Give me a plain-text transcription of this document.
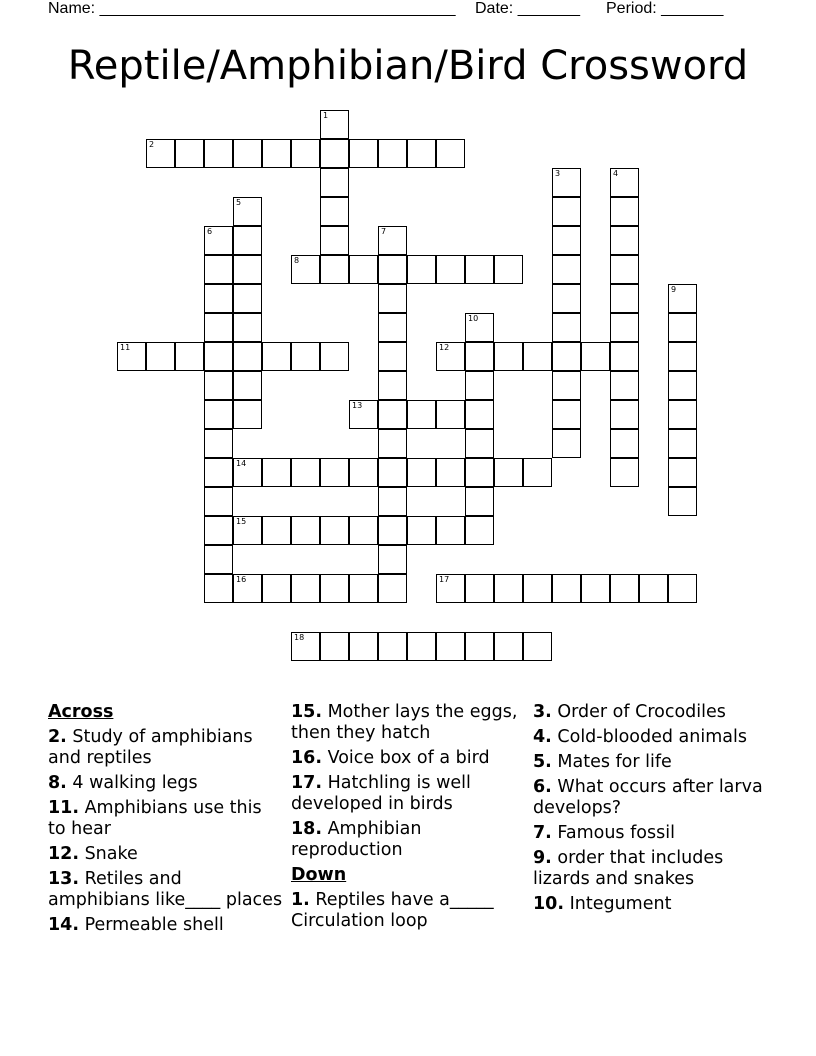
Name: ________________________________________ Date: _______ Period: _______
Reptile/Amphibian/Bird Crossword
1
2
3	4
5
6	7
8
9
10
11	12
13
14
15
16	17
18
Across
2. Study of amphibians and reptiles
8. 4 walking legs
11. Amphibians use this to hear
12. Snake
13. Retiles and amphibians like____ places
14. Permeable shell
15. Mother lays the eggs, then they hatch
16. Voice box of a bird
17. Hatchling is well developed in birds
18. Amphibian reproduction
Down
1. Reptiles have a_____ Circulation loop
3. Order of Crocodiles
4. Cold-blooded animals
5. Mates for life
6. What occurs after larva develops?
7. Famous fossil
9. order that includes lizards and snakes
10. Integument
